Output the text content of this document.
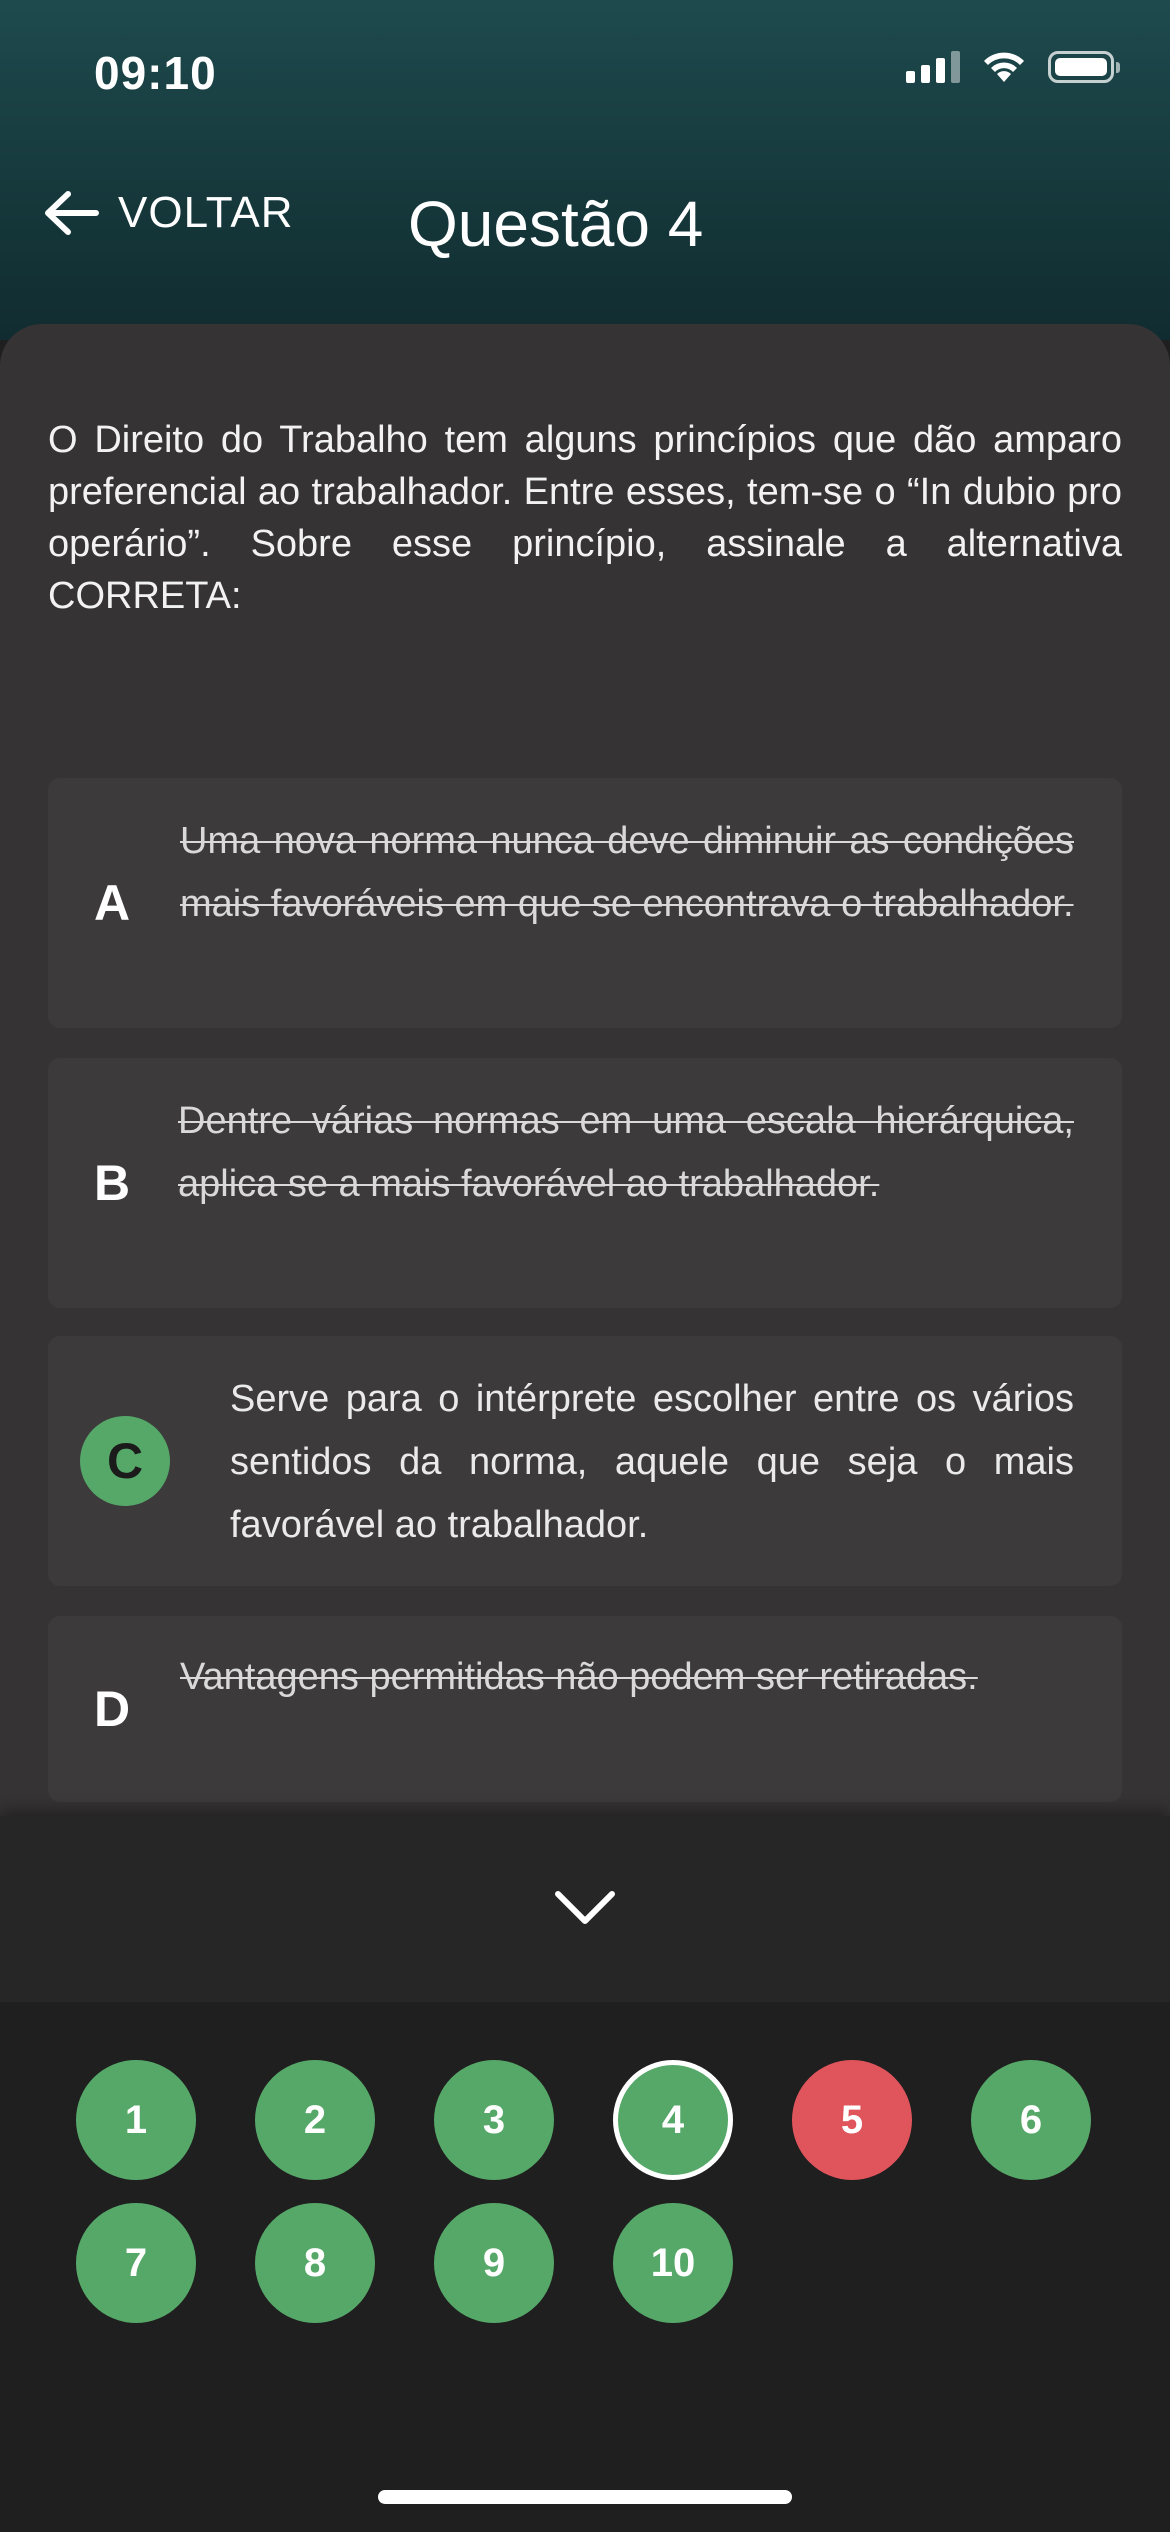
09:10
VOLTAR Questão 4
O Direito do Trabalho tem alguns princípios que dão amparo preferencial ao trabalhador. Entre esses, tem-se o “In dubio pro operário”. Sobre esse princípio, assinale a alternativa CORRETA:
A
Uma nova norma nunca deve diminuir as condições mais favoráveis em que se encontrava o trabalhador.
B
Dentre várias normas em uma escala hierárquica, aplica se a mais favorável ao trabalhador.
C
Serve para o intérprete escolher entre os vários sentidos da norma, aquele que seja o mais favorável ao trabalhador.
D
Vantagens permitidas não podem ser retiradas.
1	2	3	4	5	6
7	8	9	10
